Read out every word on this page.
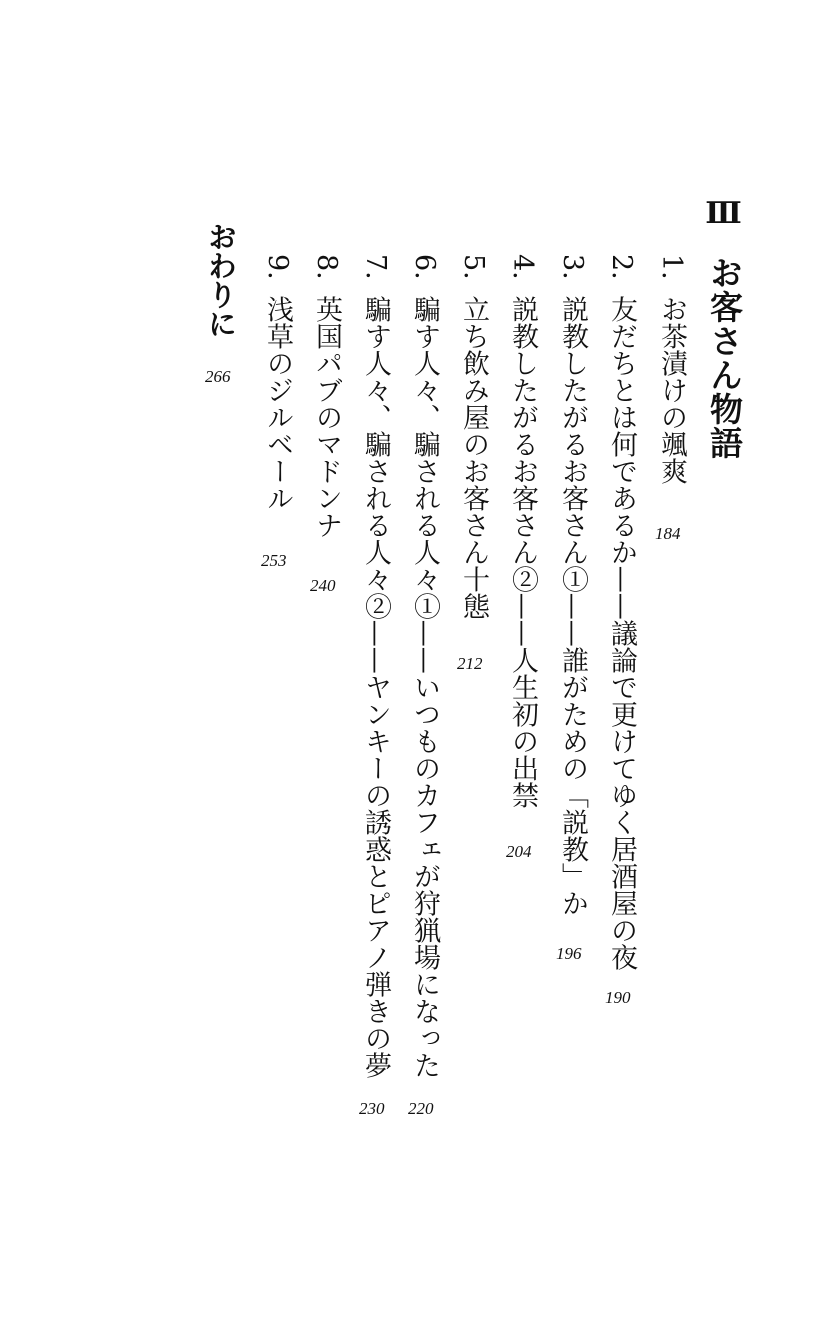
Ⅲ
お客さん物語
1.お茶漬けの颯爽
184
2.友だちとは何であるか——議論で更けてゆく居酒屋の夜
190
3.説教したがるお客さん①——誰がための「説教」か
196
4.説教したがるお客さん②——人生初の出禁
204
5.立ち飲み屋のお客さん十態
212
6.騙す人々、騙される人々①——いつものカフェが狩猟場になった
220
7.騙す人々、騙される人々②——ヤンキーの誘惑とピアノ弾きの夢
230
8.英国パブのマドンナ
240
9.浅草のジルベール
253
おわりに
266
